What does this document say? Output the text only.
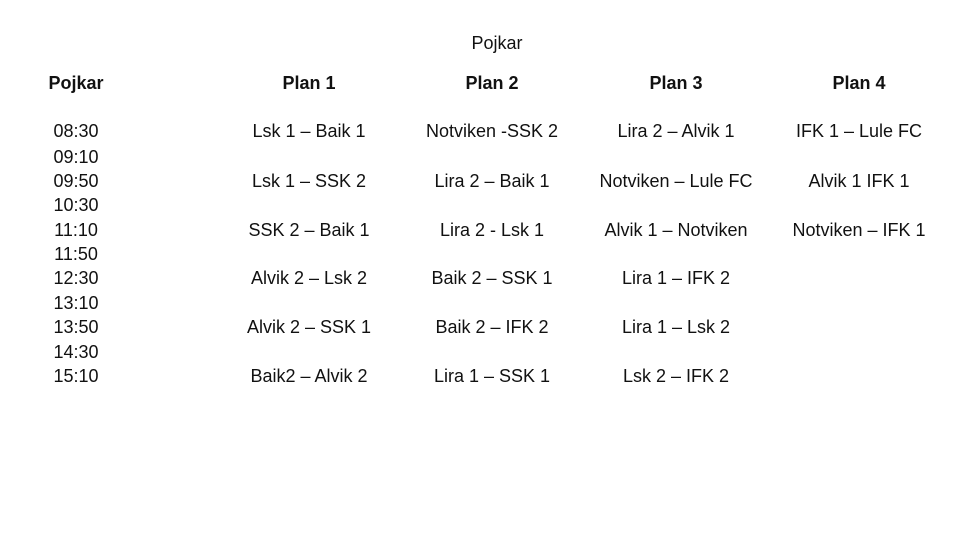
Pojkar
Pojkar	Plan 1	Plan 2	Plan 3	Plan 4
08:30	Lsk 1 – Baik 1	Notviken -SSK 2	Lira 2 – Alvik 1	IFK 1 – Lule FC
09:10
09:50	Lsk 1 – SSK 2	Lira 2 – Baik 1	Notviken – Lule FC	Alvik 1 IFK 1
10:30
11:10	SSK 2 – Baik 1	Lira 2 - Lsk 1	Alvik 1 – Notviken	Notviken – IFK 1
11:50
12:30	Alvik 2 – Lsk 2	Baik 2 – SSK 1	Lira 1 – IFK 2
13:10
13:50	Alvik 2 – SSK 1	Baik 2 – IFK 2	Lira 1 – Lsk 2
14:30
15:10	Baik2 – Alvik 2	Lira 1 – SSK 1	Lsk 2 – IFK 2
